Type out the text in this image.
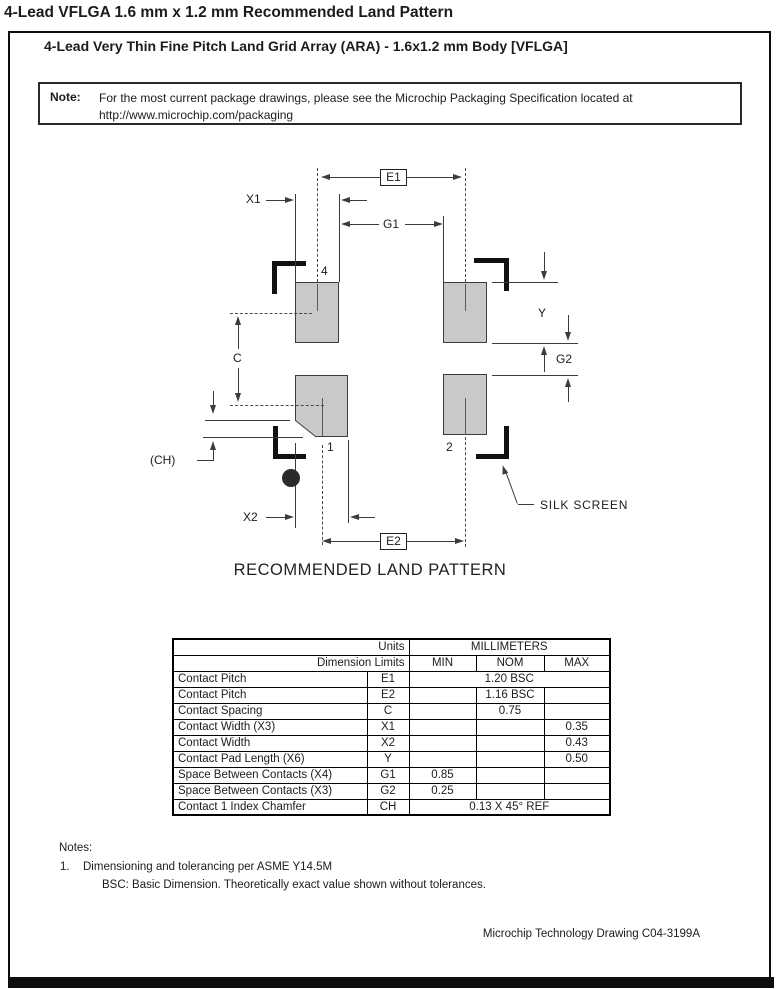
4-Lead VFLGA 1.6 mm x 1.2 mm Recommended Land Pattern
4-Lead Very Thin Fine Pitch Land Grid Array (ARA) - 1.6x1.2 mm Body [VFLGA]
Note: For the most current package drawings, please see the Microchip Packaging Specification located at
http://www.microchip.com/packaging
4
1	2
E1
X1
G1
Y
G2
C
(CH)
X2
E2
SILK SCREEN
RECOMMENDED LAND PATTERN
Units		MILLIMETERS		
Dimension Limits		MIN	NOM	MAX
Contact Pitch	E1	1.20 BSC		
Contact Pitch	E2		1.16 BSC	
Contact Spacing	C		0.75	
Contact Width (X3)	X1			0.35
Contact Width	X2			0.43
Contact Pad Length (X6)	Y			0.50
Space Between Contacts (X4)	G1	0.85		
Space Between Contacts (X3)	G2	0.25		
Contact 1 Index Chamfer	CH	0.13 X 45° REF		
Notes:
1. Dimensioning and tolerancing per ASME Y14.5M
BSC: Basic Dimension. Theoretically exact value shown without tolerances.
Microchip Technology Drawing C04-3199A
